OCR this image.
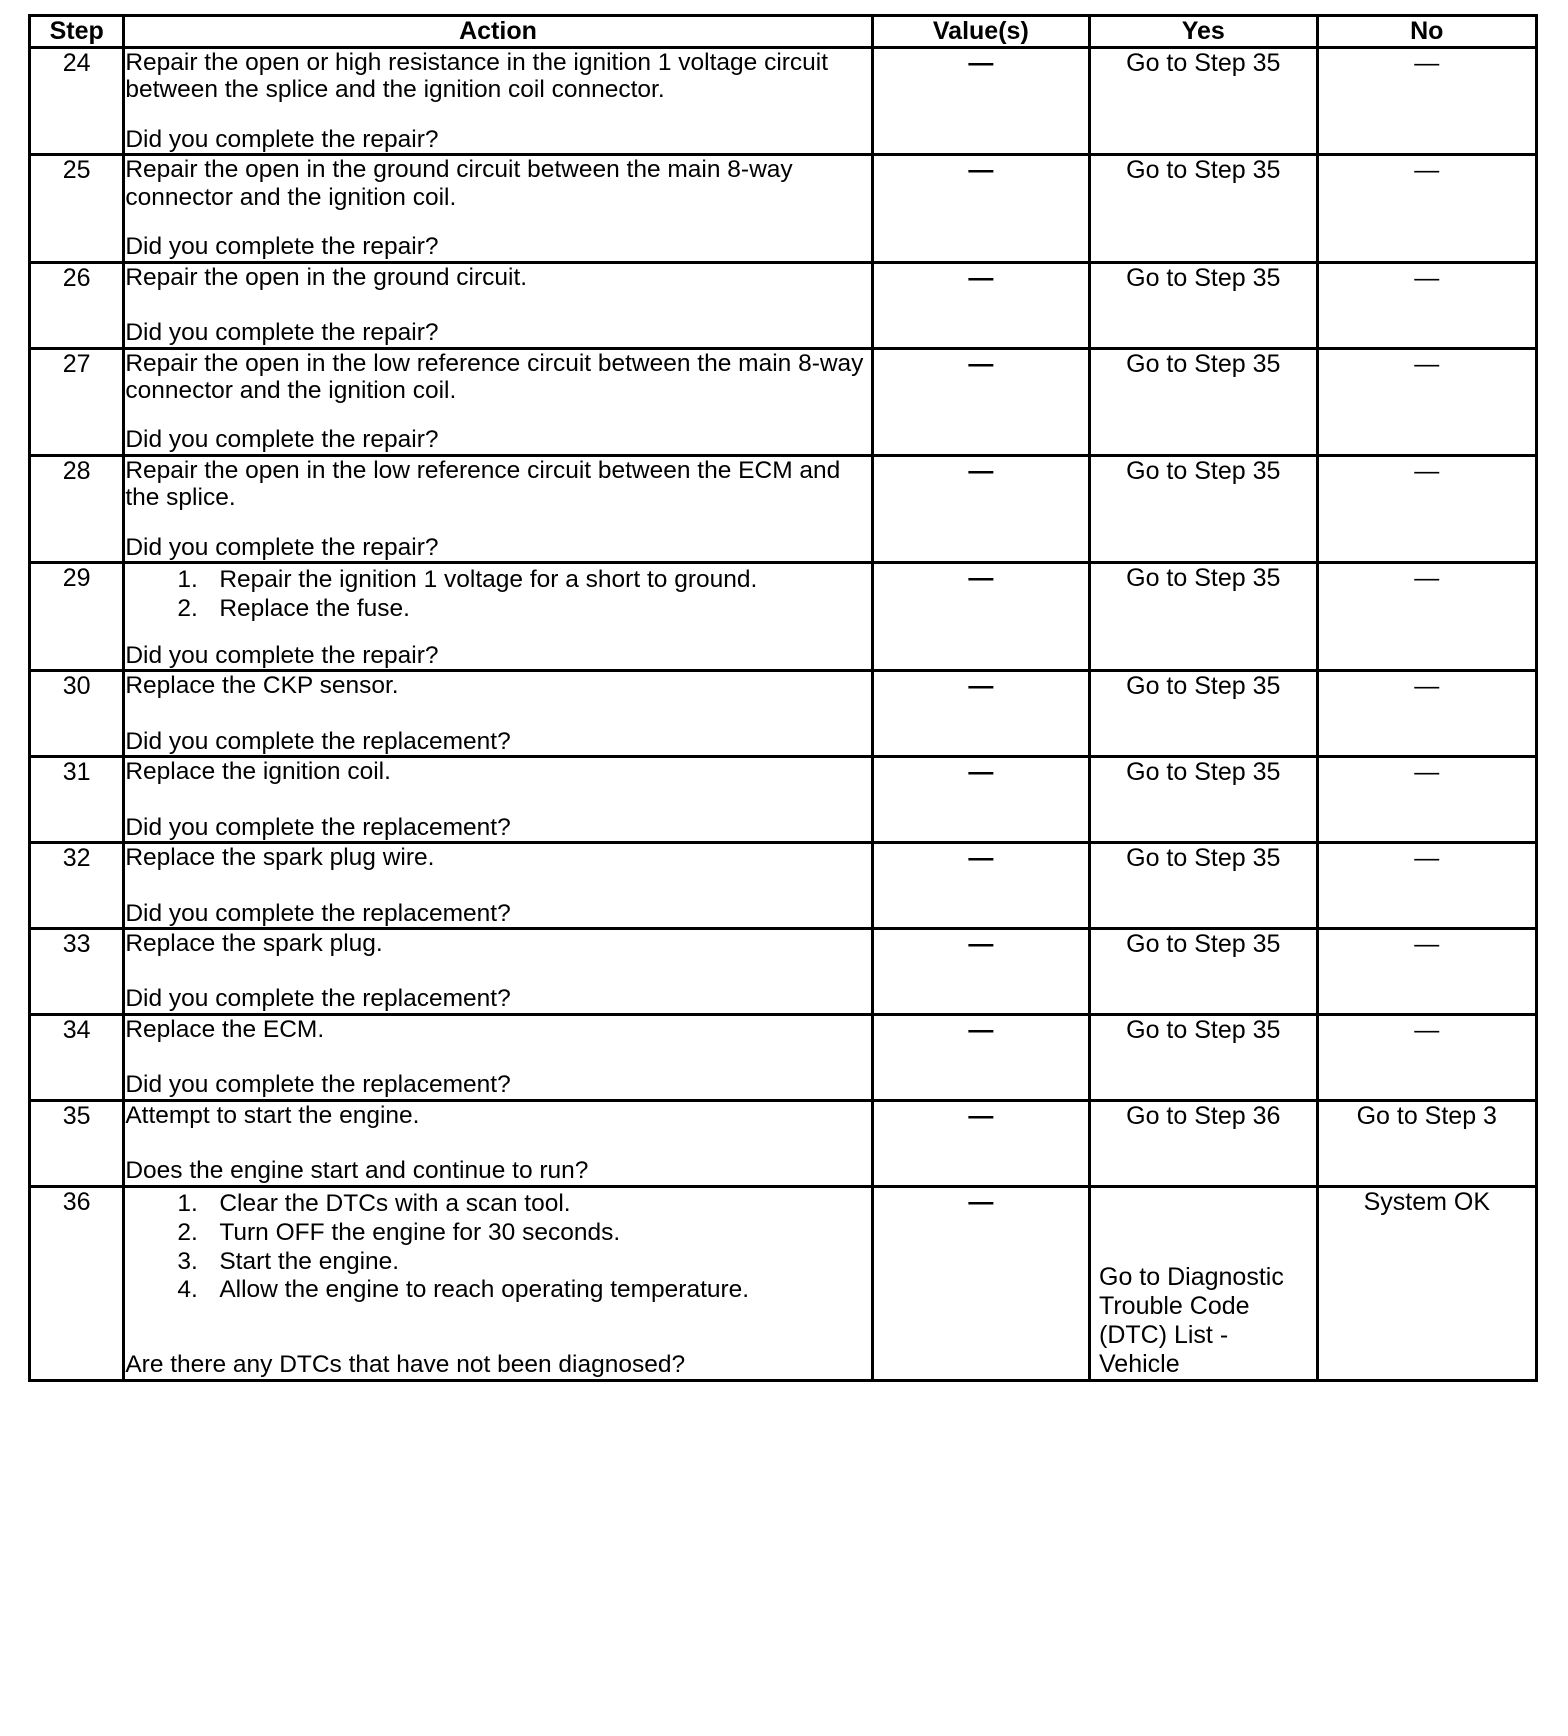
Step	Action	Value(s)	Yes	No
24	Repair the open or high resistance in the ignition 1 voltage circuit between the splice and the ignition coil connector.

Did you complete the repair?	—	Go to Step 35	—
25	Repair the open in the ground circuit between the main 8-way connector and the ignition coil.

Did you complete the repair?	—	Go to Step 35	—
26	Repair the open in the ground circuit.

Did you complete the repair?	—	Go to Step 35	—
27	Repair the open in the low reference circuit between the main 8-way connector and the ignition coil.

Did you complete the repair?	—	Go to Step 35	—
28	Repair the open in the low reference circuit between the ECM and the splice.

Did you complete the repair?	—	Go to Step 35	—
29	1. Repair the ignition 1 voltage for a short to ground.
2. Replace the fuse.

Did you complete the repair?

	—	Go to Step 35	—
30	Replace the CKP sensor.

Did you complete the replacement?	—	Go to Step 35	—
31	Replace the ignition coil.

Did you complete the replacement?	—	Go to Step 35	—
32	Replace the spark plug wire.

Did you complete the replacement?	—	Go to Step 35	—
33	Replace the spark plug.

Did you complete the replacement?	—	Go to Step 35	—
34	Replace the ECM.

Did you complete the replacement?	—	Go to Step 35	—
35	Attempt to start the engine.

Does the engine start and continue to run?	—	Go to Step 36	Go to Step 3
36	1. Clear the DTCs with a scan tool.
2. Turn OFF the engine for 30 seconds.
3. Start the engine.
4. Allow the engine to reach operating temperature.

Are there any DTCs that have not been diagnosed?

	—	Go to Diagnostic Trouble Code (DTC) List - Vehicle	System OK
